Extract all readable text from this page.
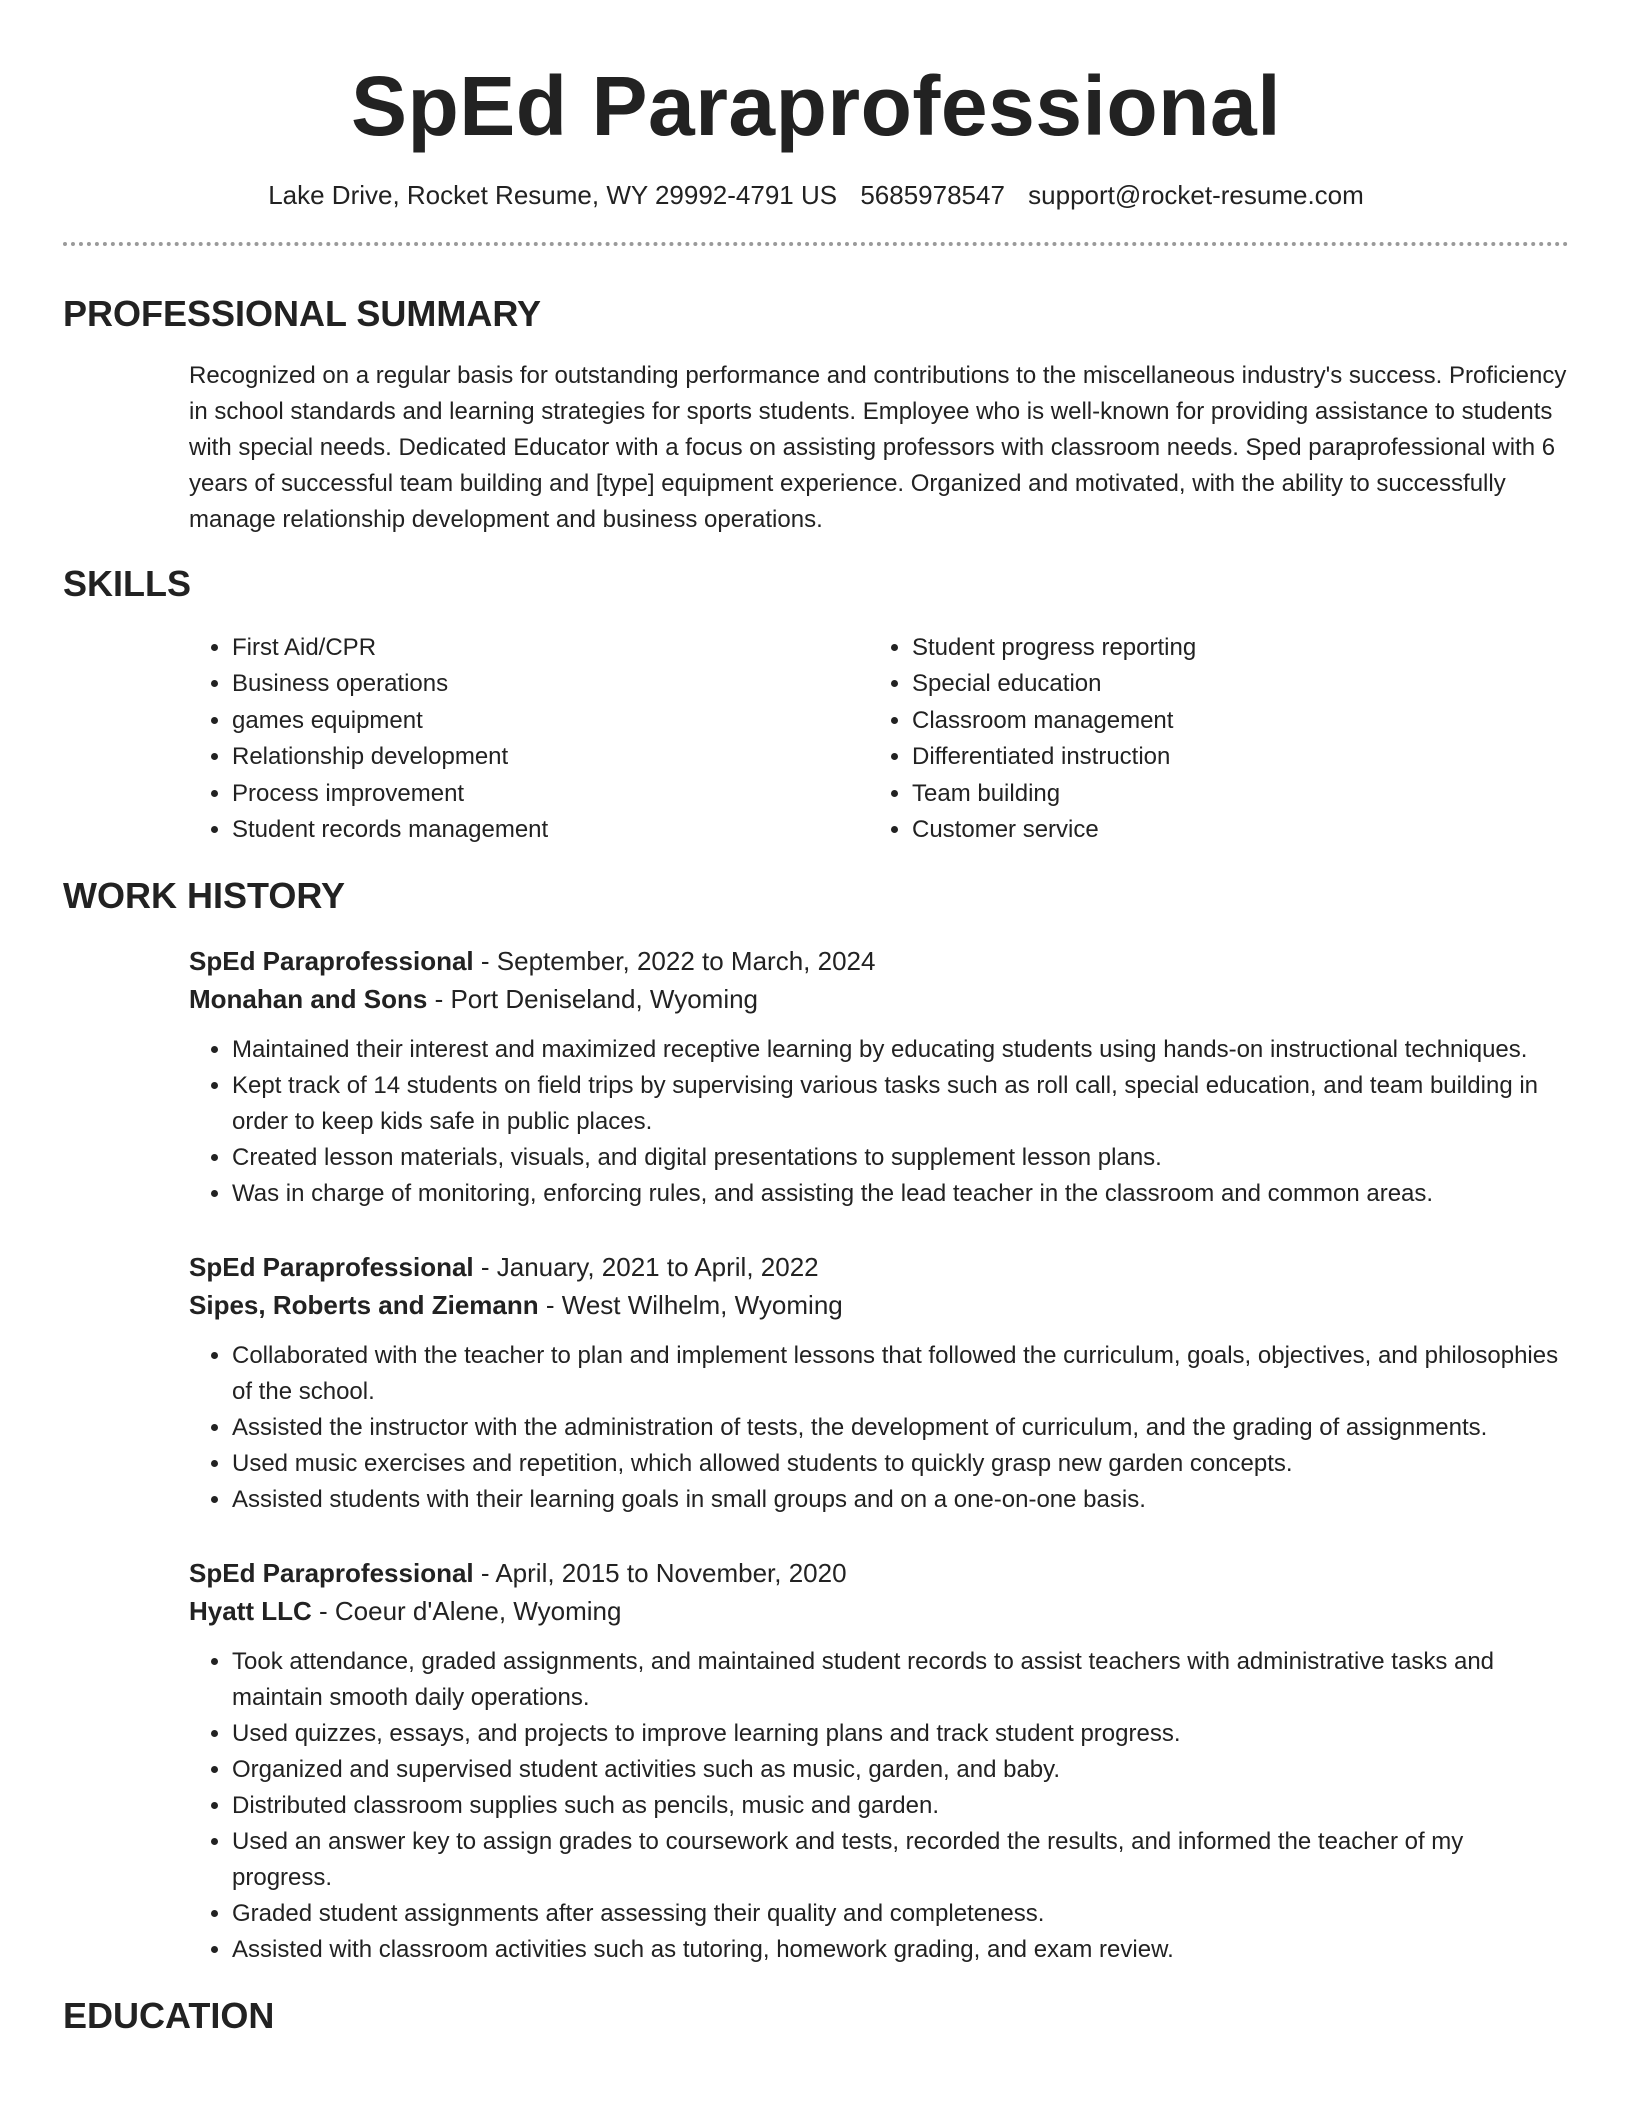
SpEd Paraprofessional
Lake Drive, Rocket Resume, WY 29992-4791 US 5685978547 support@rocket-resume.com
PROFESSIONAL SUMMARY

Recognized on a regular basis for outstanding performance and contributions to the miscellaneous industry's success. Proficiency in school standards and learning strategies for sports students. Employee who is well-known for providing assistance to students with special needs. Dedicated Educator with a focus on assisting professors with classroom needs. Sped paraprofessional with 6 years of successful team building and [type] equipment experience. Organized and motivated, with the ability to successfully manage relationship development and business operations.

SKILLS
• First Aid/CPR
• Business operations
• games equipment
• Relationship development
• Process improvement
• Student records management
• Student progress reporting
• Special education
• Classroom management
• Differentiated instruction
• Team building
• Customer service
WORK HISTORY
SpEd Paraprofessional - September, 2022 to March, 2024
Monahan and Sons - Port Deniseland, Wyoming
• Maintained their interest and maximized receptive learning by educating students using hands-on instructional techniques.
• Kept track of 14 students on field trips by supervising various tasks such as roll call, special education, and team building in order to keep kids safe in public places.
• Created lesson materials, visuals, and digital presentations to supplement lesson plans.
• Was in charge of monitoring, enforcing rules, and assisting the lead teacher in the classroom and common areas.
SpEd Paraprofessional - January, 2021 to April, 2022
Sipes, Roberts and Ziemann - West Wilhelm, Wyoming
• Collaborated with the teacher to plan and implement lessons that followed the curriculum, goals, objectives, and philosophies of the school.
• Assisted the instructor with the administration of tests, the development of curriculum, and the grading of assignments.
• Used music exercises and repetition, which allowed students to quickly grasp new garden concepts.
• Assisted students with their learning goals in small groups and on a one-on-one basis.
SpEd Paraprofessional - April, 2015 to November, 2020
Hyatt LLC - Coeur d'Alene, Wyoming
• Took attendance, graded assignments, and maintained student records to assist teachers with administrative tasks and maintain smooth daily operations.
• Used quizzes, essays, and projects to improve learning plans and track student progress.
• Organized and supervised student activities such as music, garden, and baby.
• Distributed classroom supplies such as pencils, music and garden.
• Used an answer key to assign grades to coursework and tests, recorded the results, and informed the teacher of my progress.
• Graded student assignments after assessing their quality and completeness.
• Assisted with classroom activities such as tutoring, homework grading, and exam review.
EDUCATION
